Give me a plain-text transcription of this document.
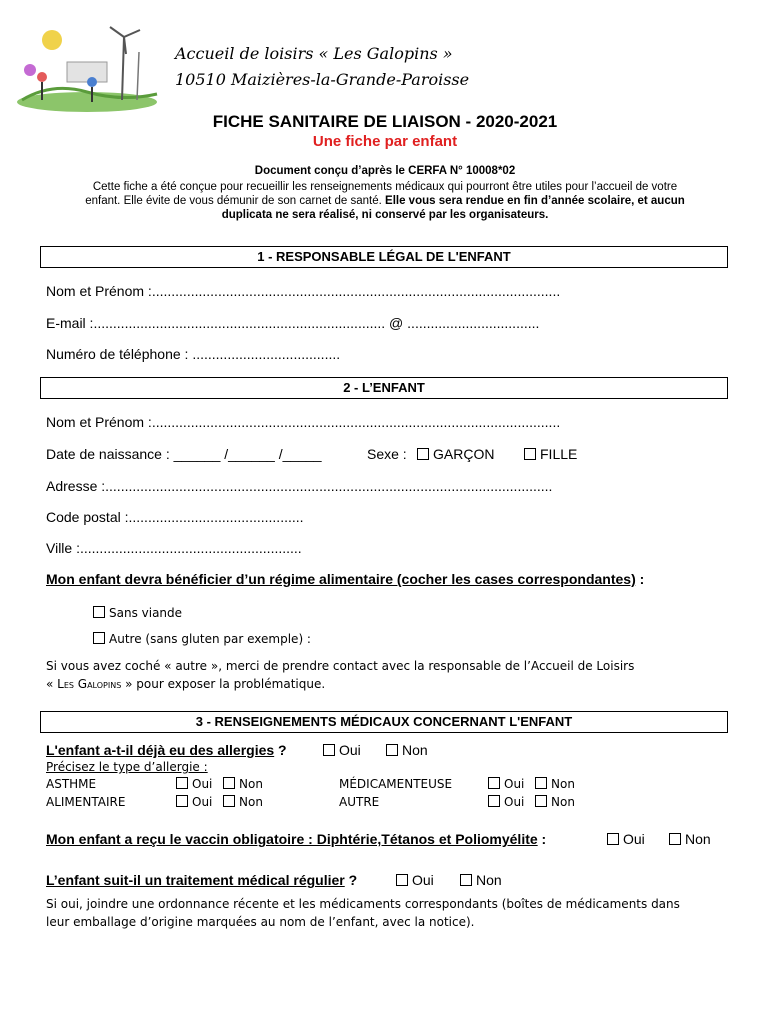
Accueil de loisirs « Les Galopins »
10510 Maizières-la-Grande-Paroisse
FICHE SANITAIRE DE LIAISON - 2020-2021
Une fiche par enfant
Document conçu d’après le CERFA N° 10008*02
Cette fiche a été conçue pour recueillir les renseignements médicaux qui pourront être utiles pour l’accueil de votre
enfant. Elle évite de vous démunir de son carnet de santé. Elle vous sera rendue en fin d’année scolaire, et aucun
duplicata ne sera réalisé, ni conservé par les organisateurs.
1 - RESPONSABLE LÉGAL DE L'ENFANT
Nom et Prénom :.........................................................................................................
E-mail :........................................................................... @ ..................................
Numéro de téléphone : ......................................
2 - L’ENFANT
Nom et Prénom :.........................................................................................................
Date de naissance : ______ /______ /_____	Sexe :	GARÇON	FILLE
Adresse :...................................................................................................................
Code postal :.............................................
Ville :.........................................................
Mon enfant devra bénéficier d’un régime alimentaire (cocher les cases correspondantes) :
Sans viande
Autre (sans gluten par exemple) :
Si vous avez coché « autre », merci de prendre contact avec la responsable de l’Accueil de Loisirs
« Les Galopins » pour exposer la problématique.
3 - RENSEIGNEMENTS MÉDICAUX CONCERNANT L'ENFANT
L'enfant a-t-il déjà eu des allergies ?	Oui	Non
Précisez le type d’allergie :
ASTHME	Oui	Non	MÉDICAMENTEUSE	Oui	Non
ALIMENTAIRE	Oui	Non	AUTRE	Oui	Non
Mon enfant a reçu le vaccin obligatoire : Diphtérie,Tétanos et Poliomyélite :	Oui	Non
L’enfant suit-il un traitement médical régulier ?	Oui	Non
Si oui, joindre une ordonnance récente et les médicaments correspondants (boîtes de médicaments dans
leur emballage d’origine marquées au nom de l’enfant, avec la notice).
